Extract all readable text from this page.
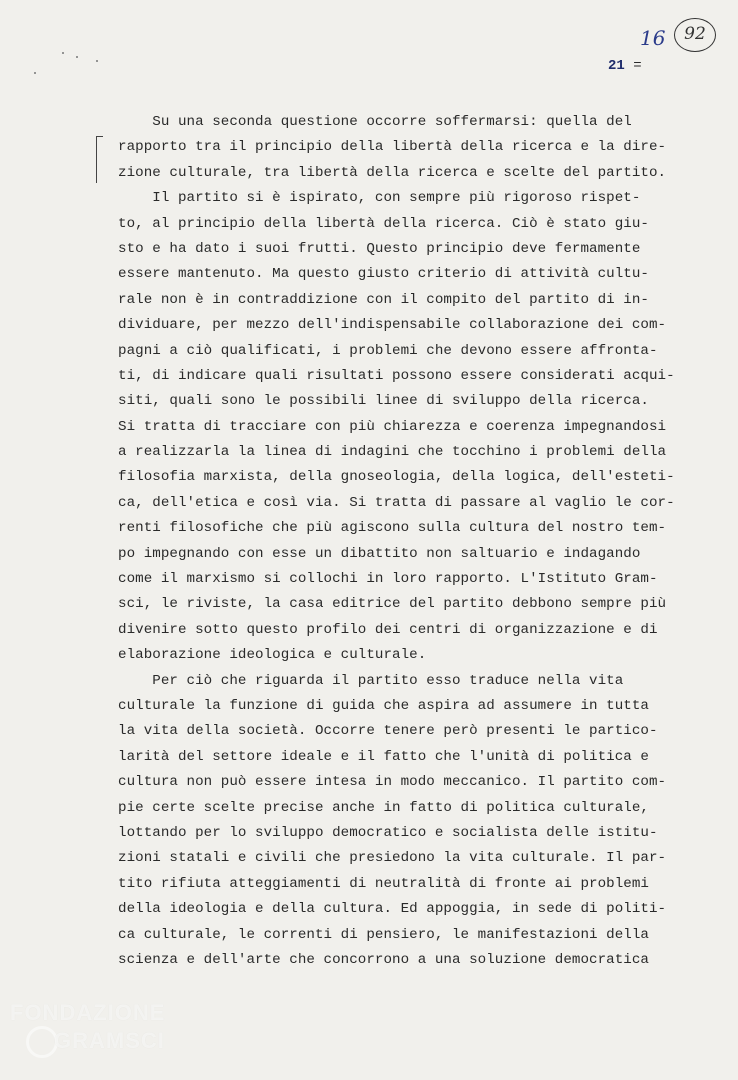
92
16
21 =
Su una seconda questione occorre soffermarsi: quella del
rapporto tra il principio della libertà della ricerca e la dire-
zione culturale, tra libertà della ricerca e scelte del partito.
Il partito si è ispirato, con sempre più rigoroso rispet-
to, al principio della libertà della ricerca. Ciò è stato giu-
sto e ha dato i suoi frutti. Questo principio deve fermamente
essere mantenuto. Ma questo giusto criterio di attività cultu-
rale non è in contraddizione con il compito del partito di in-
dividuare, per mezzo dell'indispensabile collaborazione dei com-
pagni a ciò qualificati, i problemi che devono essere affronta-
ti, di indicare quali risultati possono essere considerati acqui-
siti, quali sono le possibili linee di sviluppo della ricerca.
Si tratta di tracciare con più chiarezza e coerenza impegnandosi
a realizzarla la linea di indagini che tocchino i problemi della
filosofia marxista, della gnoseologia, della logica, dell'esteti-
ca, dell'etica e così via. Si tratta di passare al vaglio le cor-
renti filosofiche che più agiscono sulla cultura del nostro tem-
po impegnando con esse un dibattito non saltuario e indagando
come il marxismo si collochi in loro rapporto. L'Istituto Gram-
sci, le riviste, la casa editrice del partito debbono sempre più
divenire sotto questo profilo dei centri di organizzazione e di
elaborazione ideologica e culturale.
Per ciò che riguarda il partito esso traduce nella vita
culturale la funzione di guida che aspira ad assumere in tutta
la vita della società. Occorre tenere però presenti le partico-
larità del settore ideale e il fatto che l'unità di politica e
cultura non può essere intesa in modo meccanico. Il partito com-
pie certe scelte precise anche in fatto di politica culturale,
lottando per lo sviluppo democratico e socialista delle istitu-
zioni statali e civili che presiedono la vita culturale. Il par-
tito rifiuta atteggiamenti di neutralità di fronte ai problemi
della ideologia e della cultura. Ed appoggia, in sede di politi-
ca culturale, le correnti di pensiero, le manifestazioni della
scienza e dell'arte che concorrono a una soluzione democratica
FONDAZIONE
GRAMSCI
